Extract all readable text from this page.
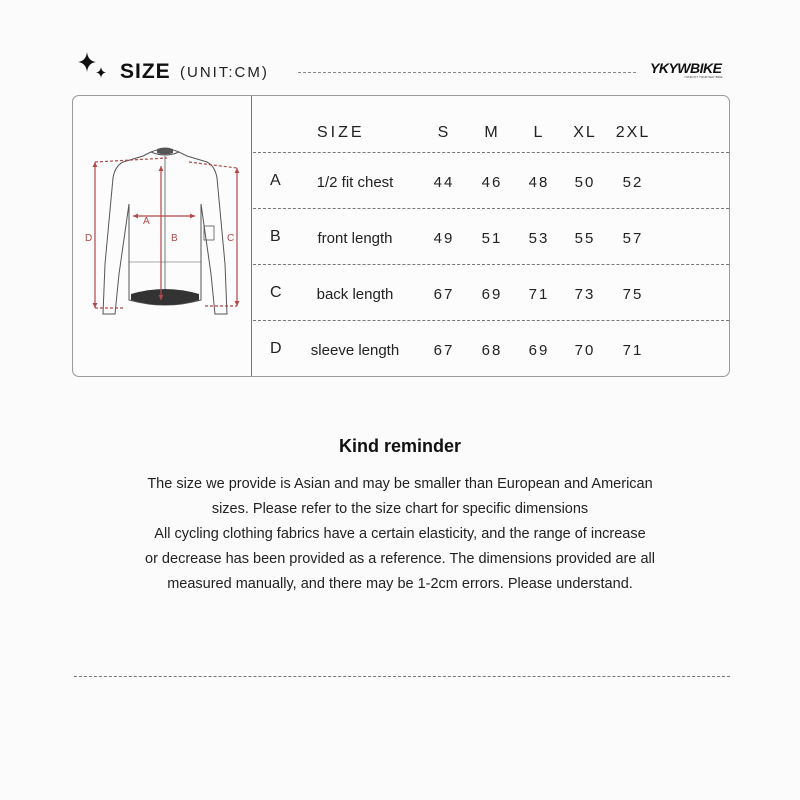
SIZE (UNIT:CM)	YKYWBIKE
YOUR KIT YOUR WAY BIKE
A
B	C
D
SIZE	S	M	L	XL	2XL
A	1/2 fit chest	44	46	48	50	52
B	front length	49	51	53	55	57
C	back length	67	69	71	73	75
D	sleeve length	67	68	69	70	71
Kind reminder
The size we provide is Asian and may be smaller than European and American
sizes. Please refer to the size chart for specific dimensions
All cycling clothing fabrics have a certain elasticity, and the range of increase
or decrease has been provided as a reference. The dimensions provided are all
measured manually, and there may be 1-2cm errors. Please understand.
